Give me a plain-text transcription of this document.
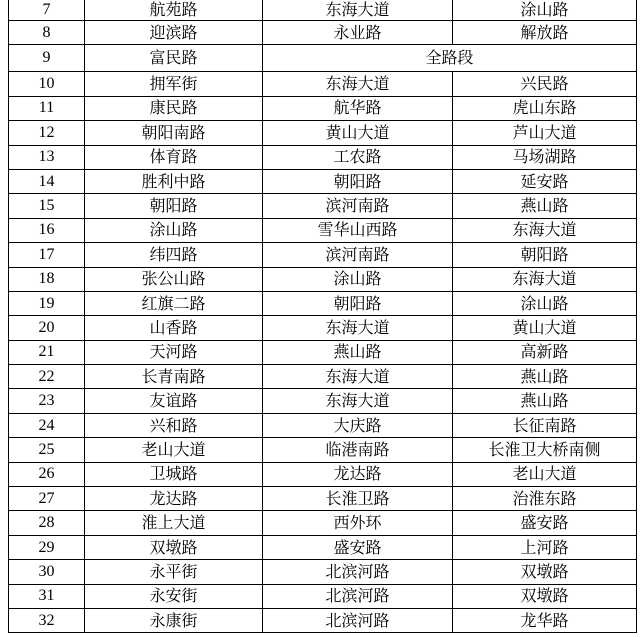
7	航苑路	东海大道	涂山路
8	迎滨路	永业路	解放路
9	富民路	全路段	
10	拥军街	东海大道	兴民路
11	康民路	航华路	虎山东路
12	朝阳南路	黄山大道	芦山大道
13	体育路	工农路	马场湖路
14	胜利中路	朝阳路	延安路
15	朝阳路	滨河南路	燕山路
16	涂山路	雪华山西路	东海大道
17	纬四路	滨河南路	朝阳路
18	张公山路	涂山路	东海大道
19	红旗二路	朝阳路	涂山路
20	山香路	东海大道	黄山大道
21	天河路	燕山路	高新路
22	长青南路	东海大道	燕山路
23	友谊路	东海大道	燕山路
24	兴和路	大庆路	长征南路
25	老山大道	临港南路	长淮卫大桥南侧
26	卫城路	龙达路	老山大道
27	龙达路	长淮卫路	治淮东路
28	淮上大道	西外环	盛安路
29	双墩路	盛安路	上河路
30	永平街	北滨河路	双墩路
31	永安街	北滨河路	双墩路
32	永康街	北滨河路	龙华路
